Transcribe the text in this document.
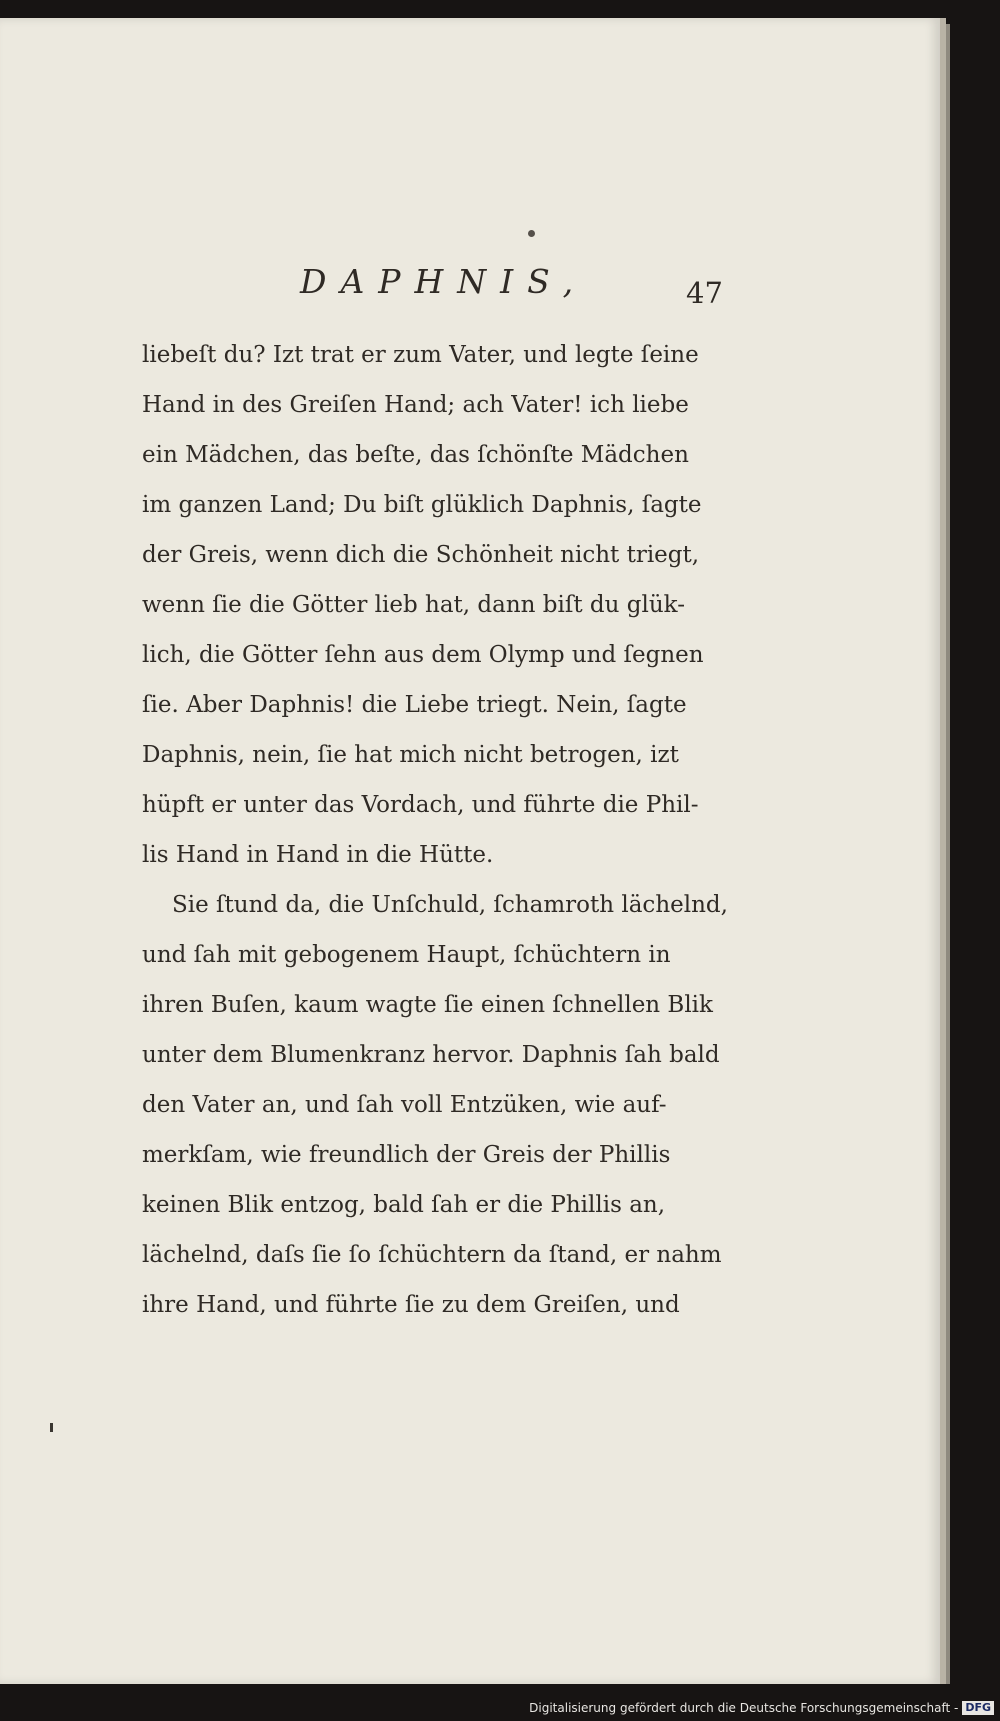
DAPHNIS,	47
liebeſt du? Izt trat er zum Vater, und legte ſeine
Hand in des Greiſen Hand; ach Vater! ich liebe
ein Mädchen, das beſte, das ſchönſte Mädchen
im ganzen Land; Du biſt glüklich Daphnis, ſagte
der Greis, wenn dich die Schönheit nicht triegt,
wenn ſie die Götter lieb hat, dann biſt du glük-
lich, die Götter ſehn aus dem Olymp und ſegnen
ſie. Aber Daphnis! die Liebe triegt. Nein, ſagte
Daphnis, nein, ſie hat mich nicht betrogen, izt
hüpft er unter das Vordach, und führte die Phil-
lis Hand in Hand in die Hütte.
Sie ſtund da, die Unſchuld, ſchamroth lächelnd,
und ſah mit gebogenem Haupt, ſchüchtern in
ihren Buſen, kaum wagte ſie einen ſchnellen Blik
unter dem Blumenkranz hervor. Daphnis ſah bald
den Vater an, und ſah voll Entzüken, wie auf-
merkſam, wie freundlich der Greis der Phillis
keinen Blik entzog, bald ſah er die Phillis an,
lächelnd, daſs ſie ſo ſchüchtern da ſtand, er nahm
ihre Hand, und führte ſie zu dem Greiſen, und
Digitalisierung gefördert durch die Deutsche Forschungsgemeinschaft - DFG
